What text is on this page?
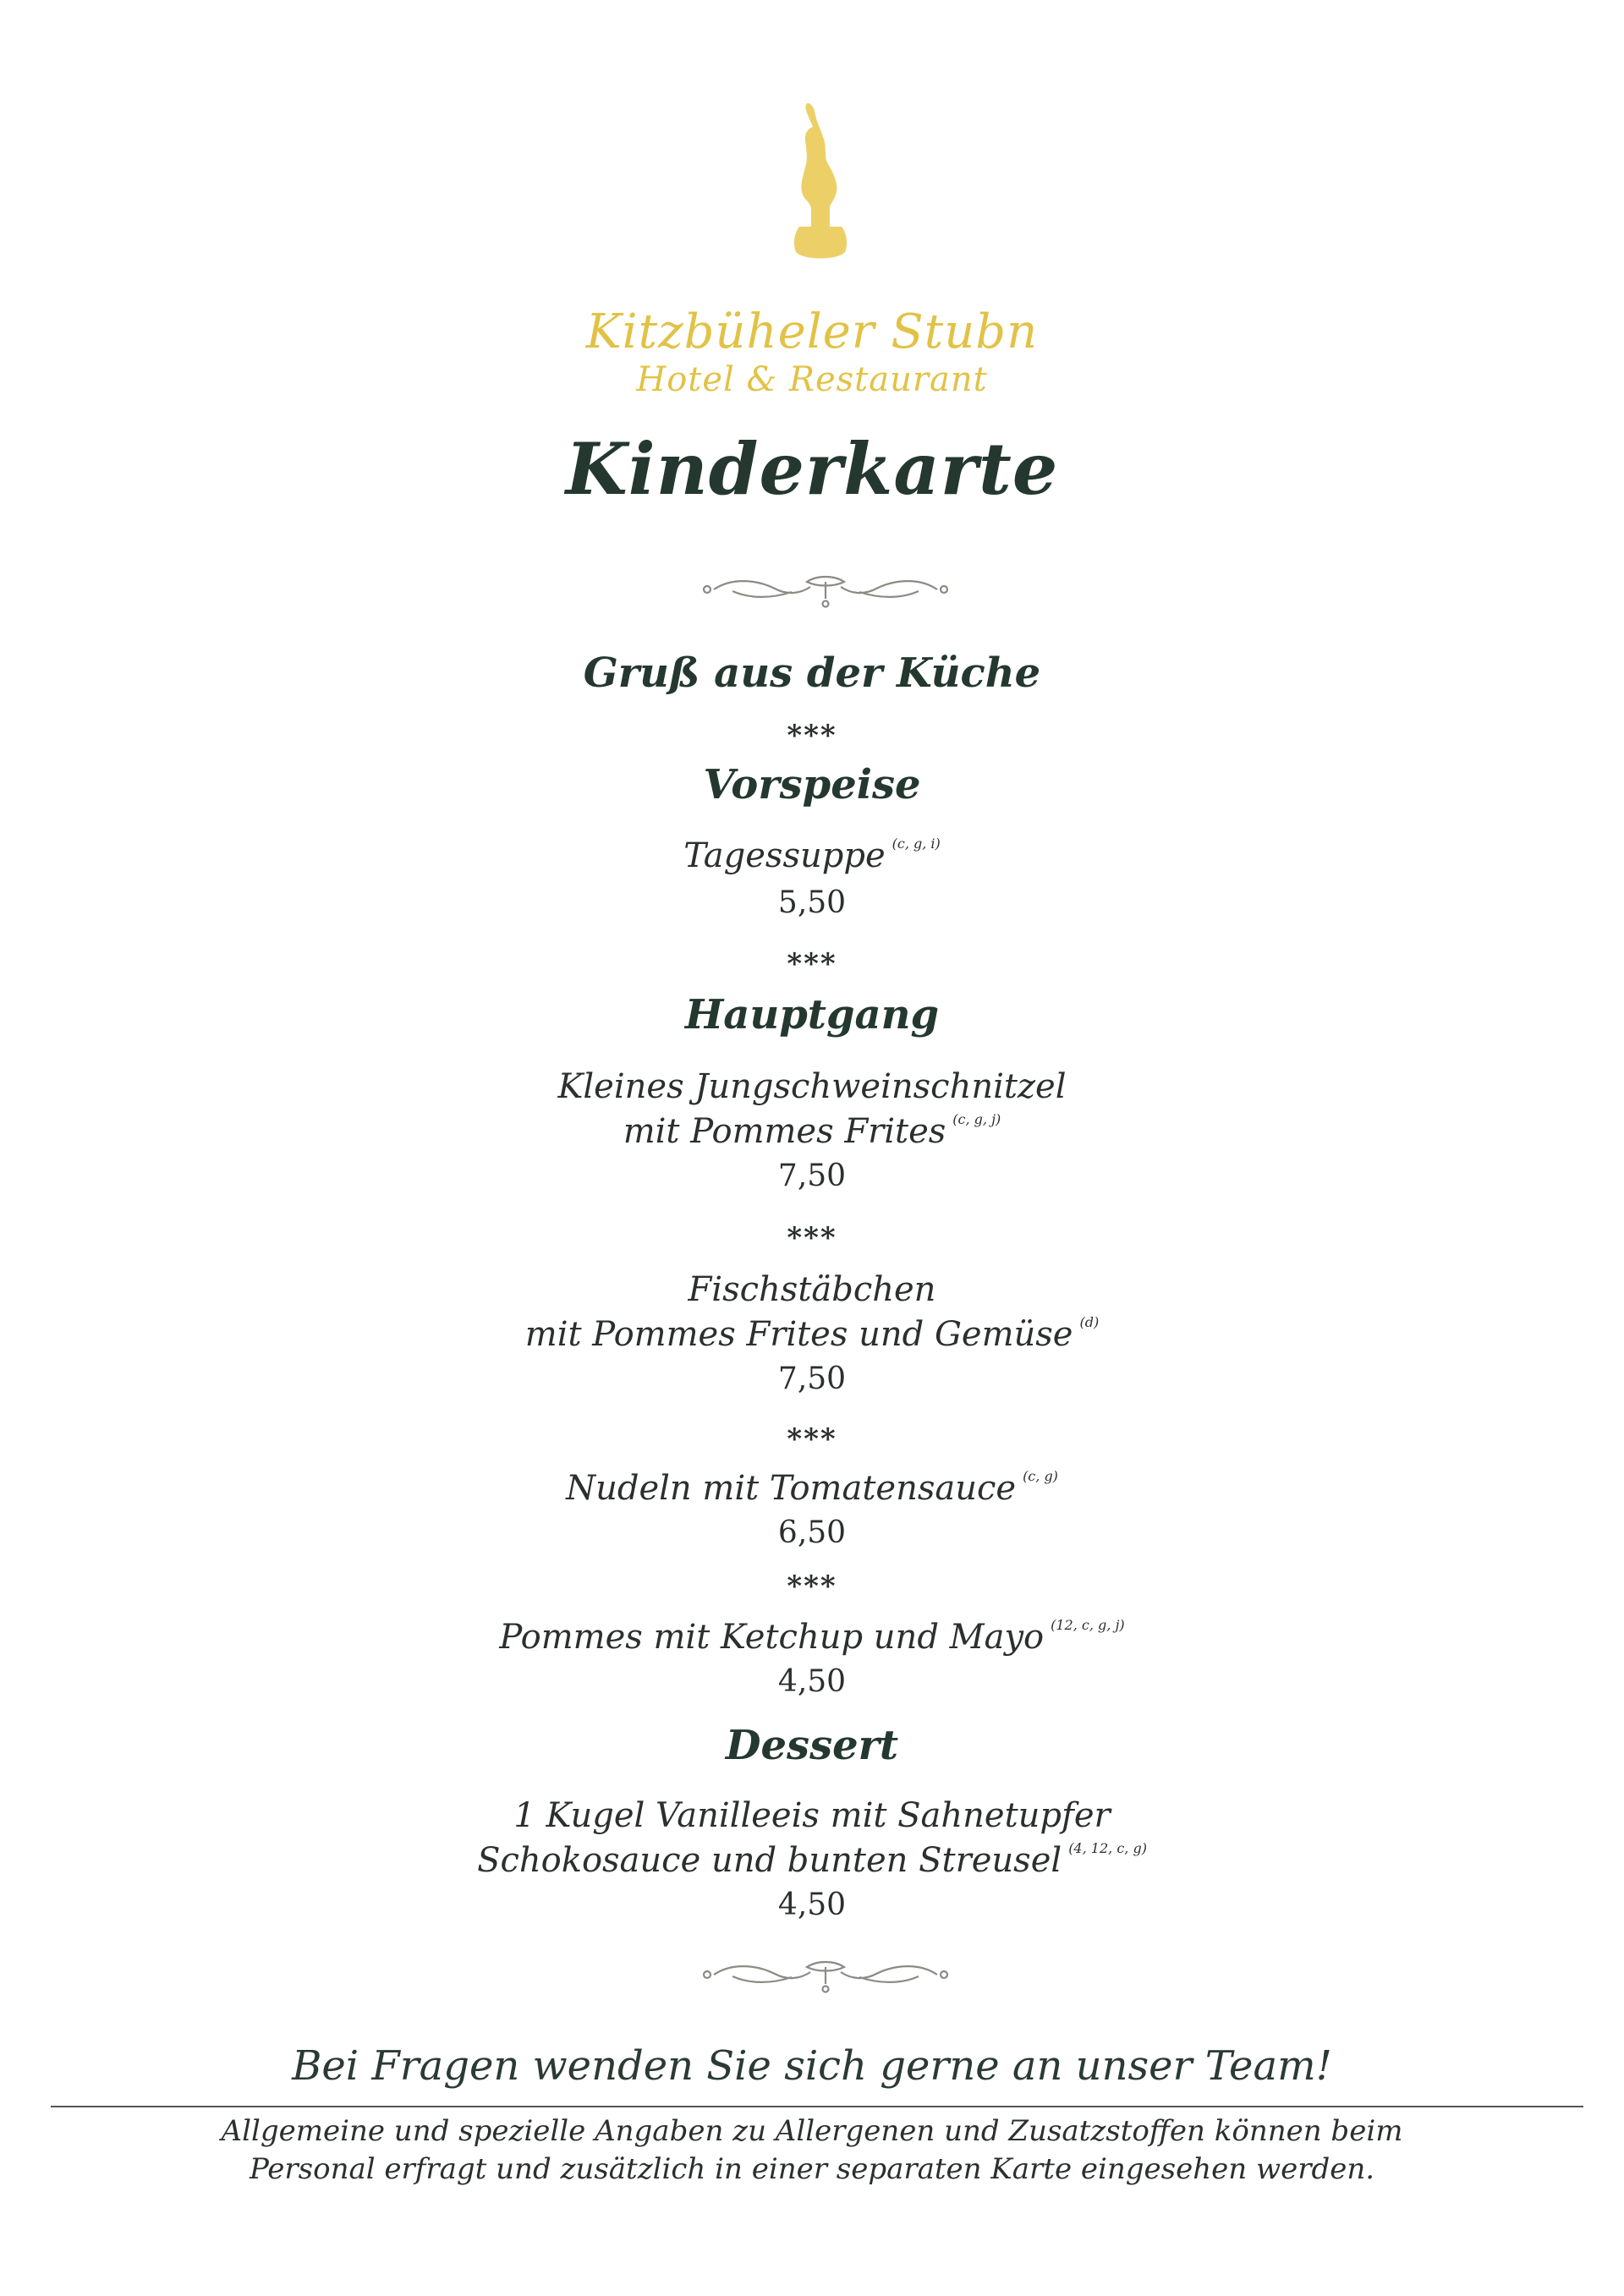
Kitzbüheler Stubn
Hotel & Restaurant
Kinderkarte
Gruß aus der Küche
***
Vorspeise
Tagessuppe $^{(c, g, i)}$
5,50
***
Hauptgang
Kleines Jungschweinschnitzel
mit Pommes Frites $^{(c, g, j)}$
7,50
***
Fischstäbchen
mit Pommes Frites und Gemüse $^{(d)}$
7,50
***
Nudeln mit Tomatensauce $^{(c, g)}$
6,50
***
Pommes mit Ketchup und Mayo $^{(12, c, g, j)}$
4,50
Dessert
1 Kugel Vanilleeis mit Sahnetupfer
Schokosauce und bunten Streusel $^{(4, 12, c, g)}$
4,50
Bei Fragen wenden Sie sich gerne an unser Team!
Allgemeine und spezielle Angaben zu Allergenen und Zusatzstoffen können beim
Personal erfragt und zusätzlich in einer separaten Karte eingesehen werden.
